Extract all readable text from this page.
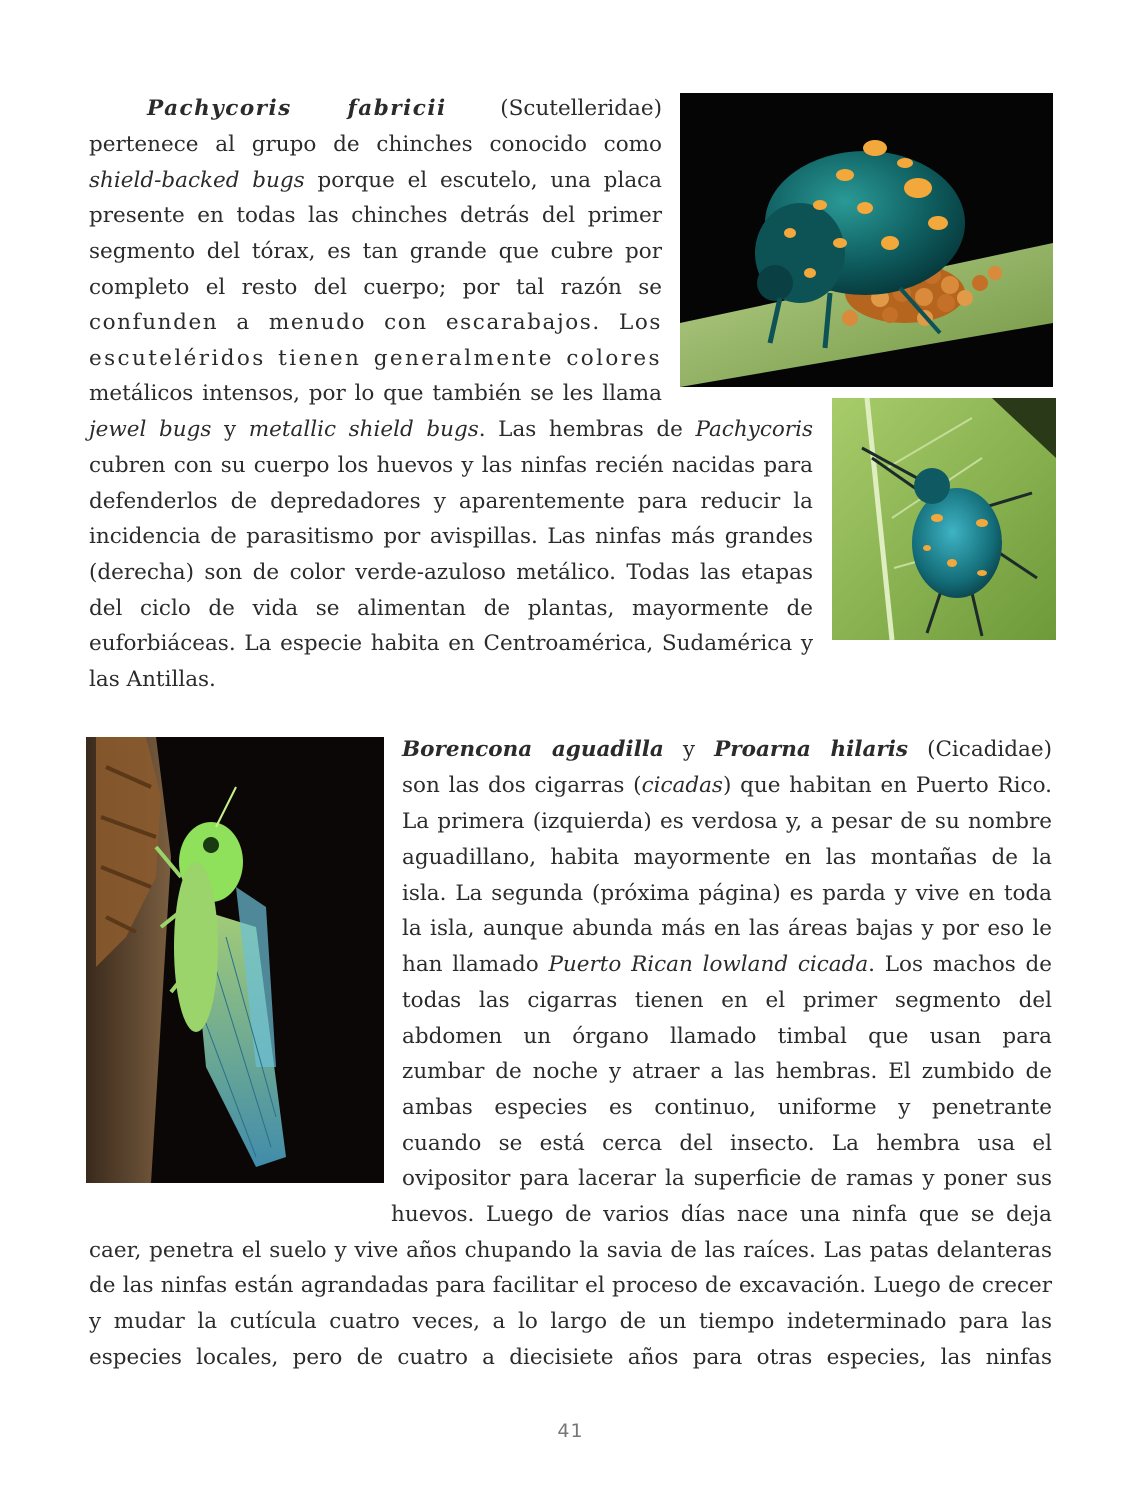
Pachycoris fabricii (Scutelleridae)
pertenece al grupo de chinches conocido como
shield-backed bugs porque el escutelo, una placa
presente en todas las chinches detrás del primer
segmento del tórax, es tan grande que cubre por
completo el resto del cuerpo; por tal razón se
confunden a menudo con escarabajos. Los
escuteléridos tienen generalmente colores
metálicos intensos, por lo que también se les llama
jewel bugs y metallic shield bugs. Las hembras de Pachycoris
cubren con su cuerpo los huevos y las ninfas recién nacidas para
defenderlos de depredadores y aparentemente para reducir la
incidencia de parasitismo por avispillas. Las ninfas más grandes
(derecha) son de color verde-azuloso metálico. Todas las etapas
del ciclo de vida se alimentan de plantas, mayormente de
euforbiáceas. La especie habita en Centroamérica, Sudamérica y
las Antillas.
Borencona aguadilla y Proarna hilaris (Cicadidae)
son las dos cigarras (cicadas) que habitan en Puerto Rico.
La primera (izquierda) es verdosa y, a pesar de su nombre
aguadillano, habita mayormente en las montañas de la
isla. La segunda (próxima página) es parda y vive en toda
la isla, aunque abunda más en las áreas bajas y por eso le
han llamado Puerto Rican lowland cicada. Los machos de
todas las cigarras tienen en el primer segmento del
abdomen un órgano llamado timbal que usan para
zumbar de noche y atraer a las hembras. El zumbido de
ambas especies es continuo, uniforme y penetrante
cuando se está cerca del insecto. La hembra usa el
ovipositor para lacerar la superficie de ramas y poner sus
huevos. Luego de varios días nace una ninfa que se deja
caer, penetra el suelo y vive años chupando la savia de las raíces. Las patas delanteras
de las ninfas están agrandadas para facilitar el proceso de excavación. Luego de crecer
y mudar la cutícula cuatro veces, a lo largo de un tiempo indeterminado para las
especies locales, pero de cuatro a diecisiete años para otras especies, las ninfas
41
